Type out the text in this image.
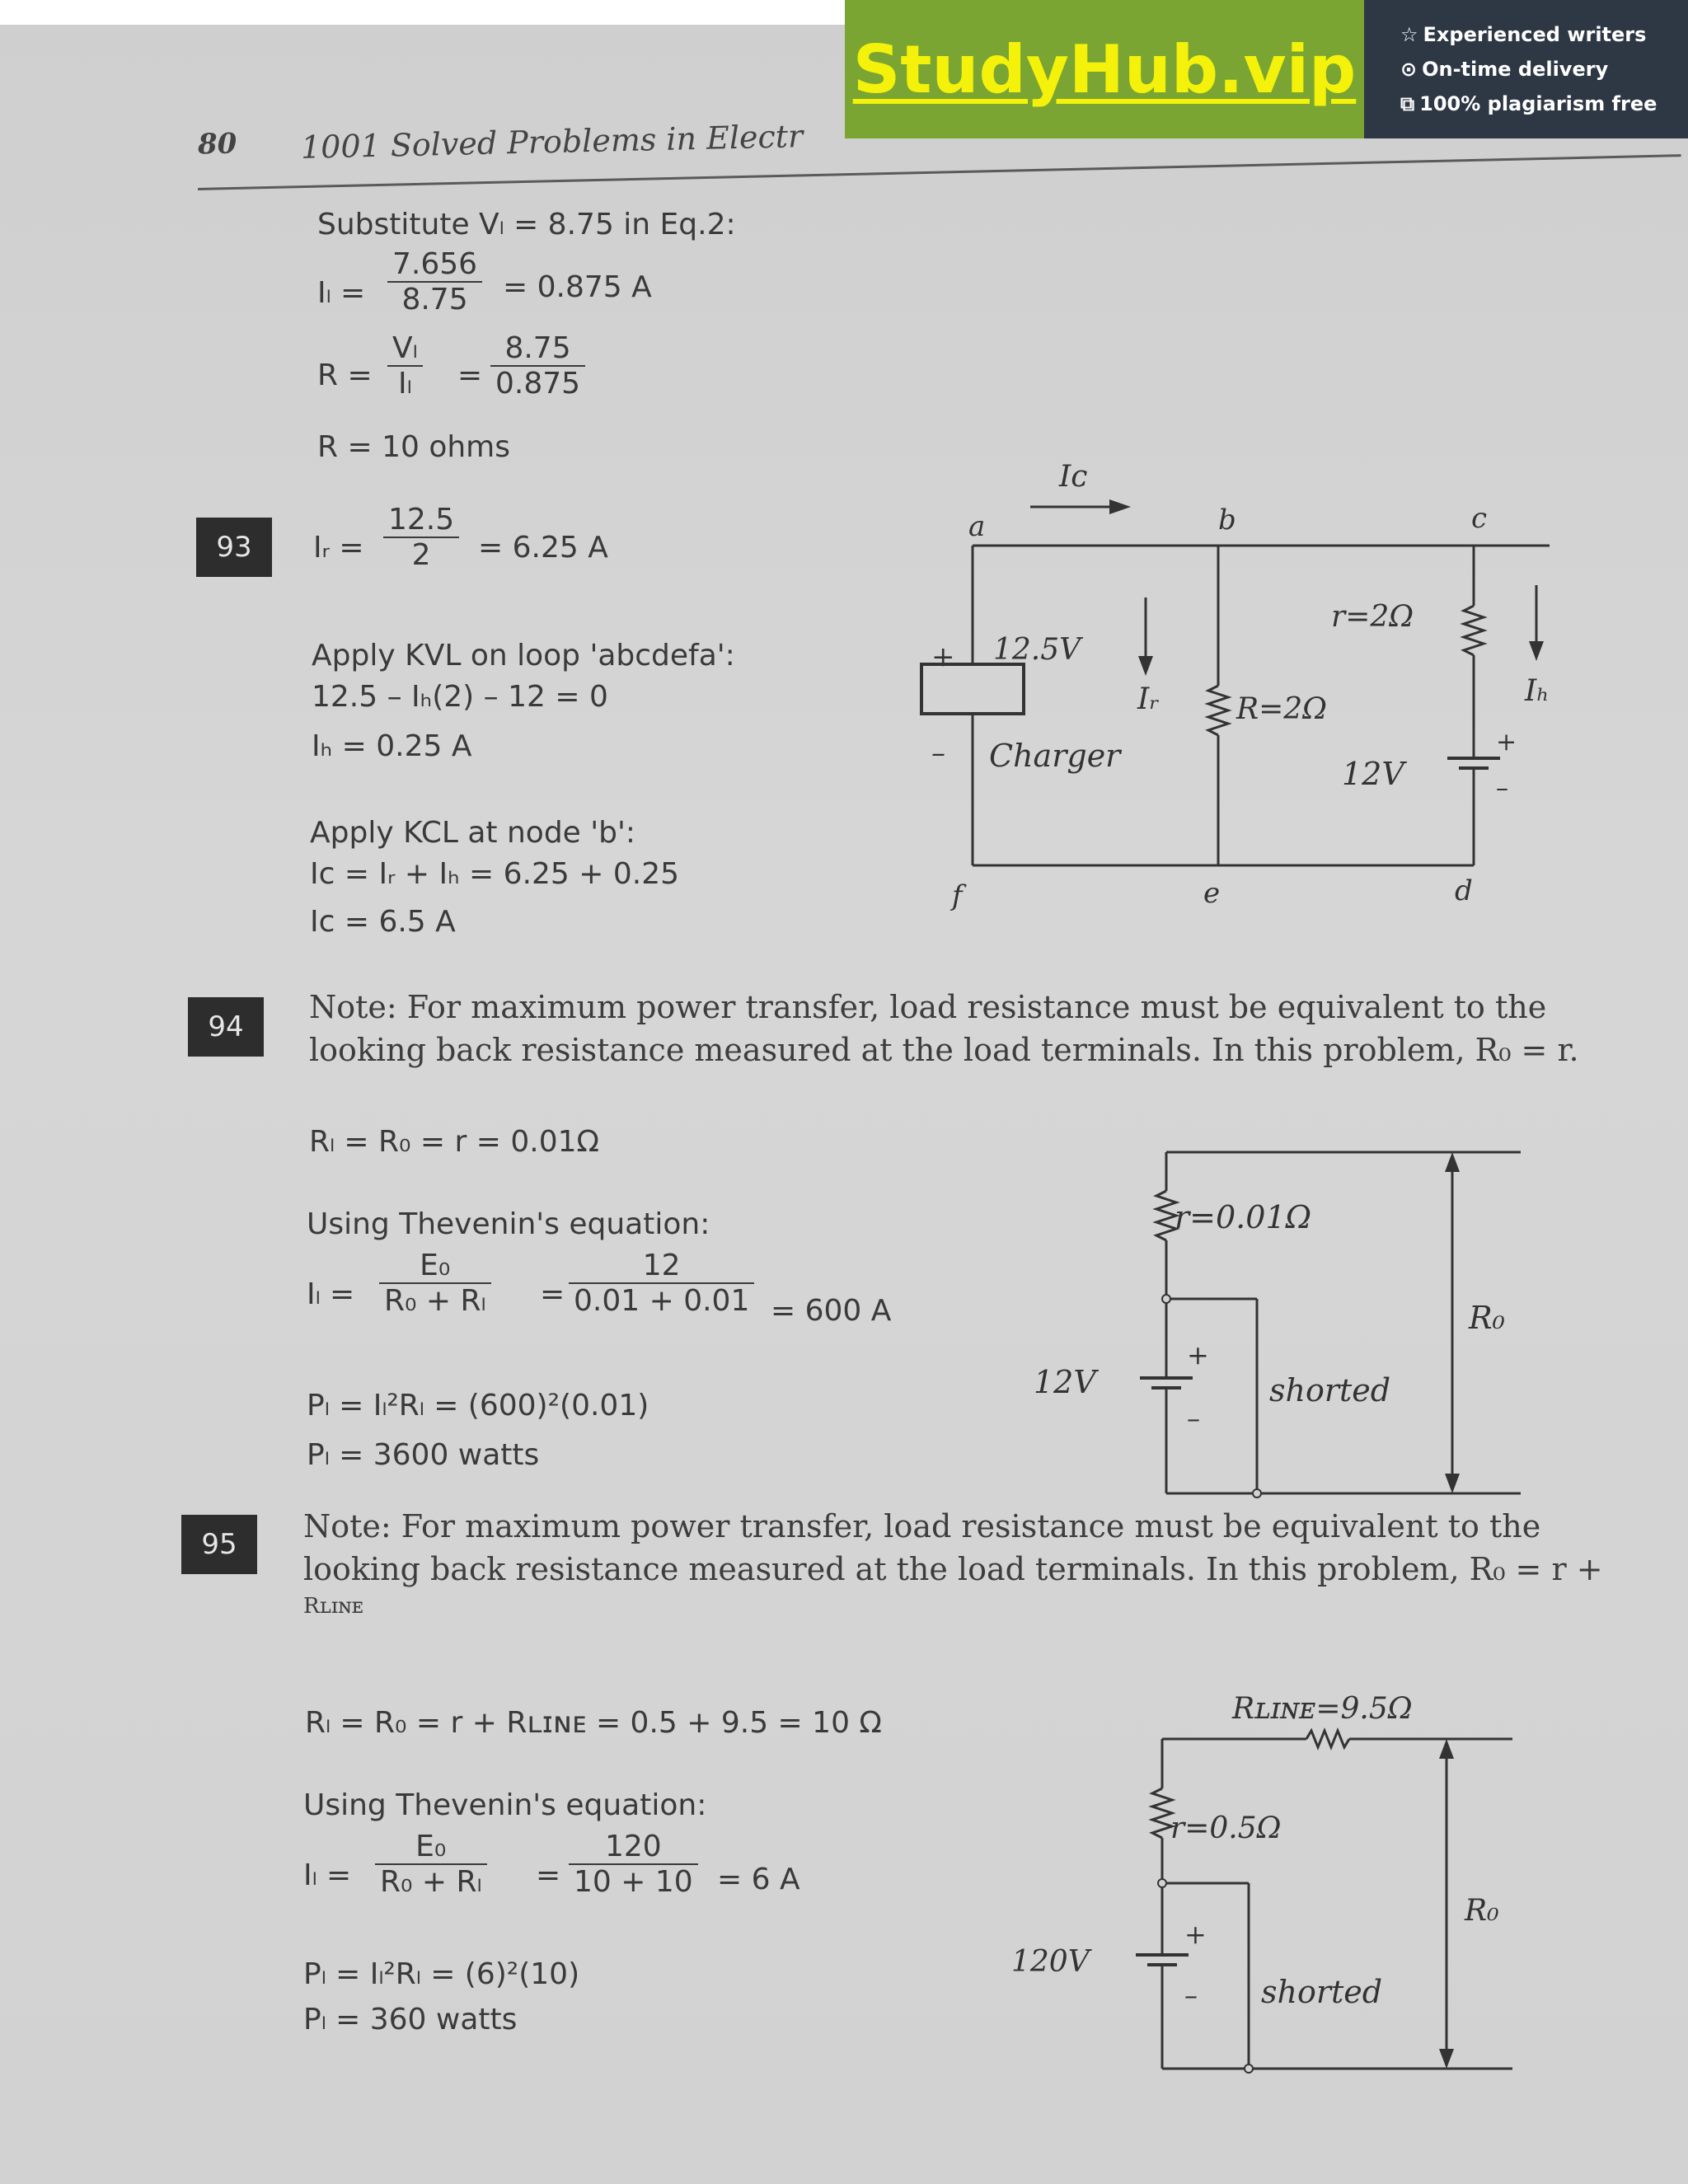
80 1001 Solved Problems in Electr
Substitute Vₗ = 8.75 in Eq.2:
$I_l = \frac{7.656}{8.75} = 0.875$ A
$R = \frac{\text{Vₗ}}{\text{Iₗ}} = \frac{8.75}{0.875}$
R = 10 ohms
93	Iᵣ = $\frac{12.5}{2} = 6.25$ A
Apply KVL on loop 'abcdefa':
12.5 – Iₕ(2) – 12 = 0
Iₕ = 0.25 A
Apply KCL at node 'b':
Iᴄ = Iᵣ + Iₕ = 6.25 + 0.25
Iᴄ = 6.5 A
a	b	c
d
e
f
Iᴄ
Iᵣ	Iₕ
12.5V
Charger
+
–
r=2Ω
R=2Ω
12V
+
–
94
Note: For maximum power transfer, load resistance must be equivalent to the
looking back resistance measured at the load terminals. In this problem, R₀ = r.
Rₗ = R₀ = r = 0.01Ω
Using Thevenin's equation:
$I_l = \frac{\text{E₀}}{\text{R₀ + Rₗ}} = \frac{12}{0.01 + 0.01} = 600$ A
Pₗ = Iₗ²Rₗ = (600)²(0.01)
Pₗ = 3600 watts
r=0.01Ω
R₀
12V	shorted
+
–
95	Note: For maximum power transfer, load resistance must be equivalent to the
looking back resistance measured at the load terminals. In this problem, R₀ = r +
Rʟɪɴᴇ
Rₗ = R₀ = r + Rʟɪɴᴇ = 0.5 + 9.5 = 10 Ω
Using Thevenin's equation:
$I_l = \frac{\text{E₀}}{\text{R₀ + Rₗ}} = \frac{120}{10 + 10} = 6$ A
Pₗ = Iₗ²Rₗ = (6)²(10)
Pₗ = 360 watts
Rʟɪɴᴇ=9.5Ω
r=0.5Ω
R₀
120V
shorted
+
–
StudyHub.vip ☆ Experienced writers
⊙ On-time delivery
⧉ 100% plagiarism free
